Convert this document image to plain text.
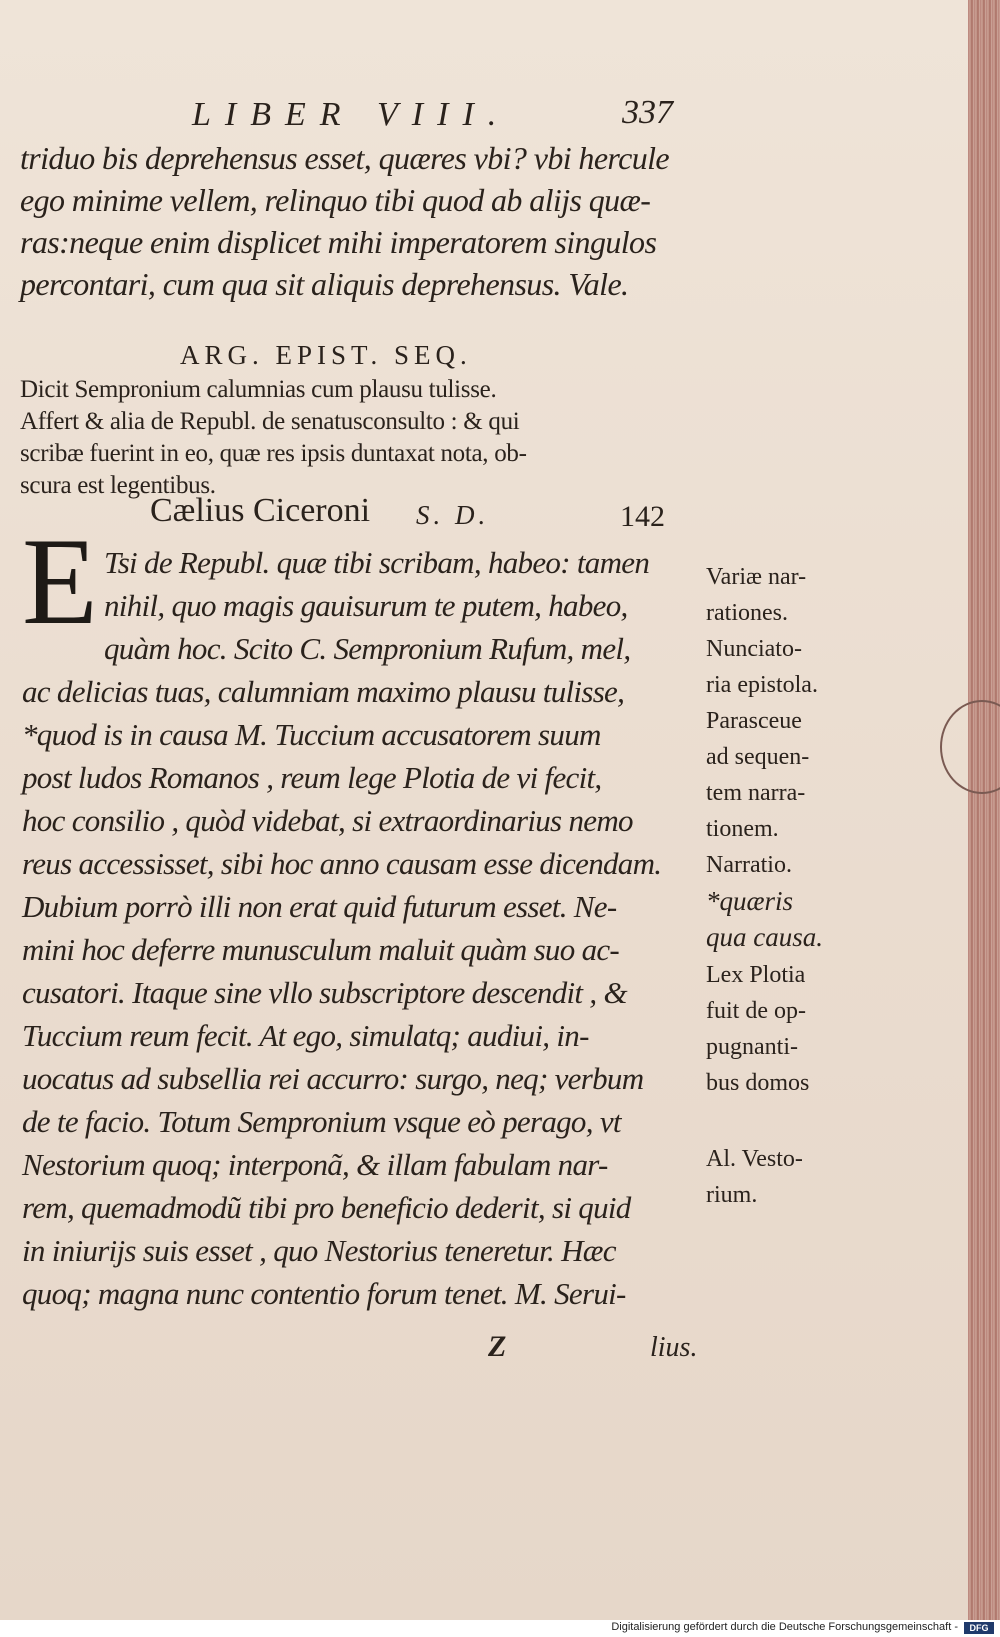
LIBER VIII.	337
triduo bis deprehensus esset, quæres vbi? vbi hercule
ego minime vellem, relinquo tibi quod ab alijs quæ-
ras:neque enim displicet mihi imperatorem singulos
percontari, cum qua sit aliquis deprehensus. Vale.
ARG. EPIST. SEQ.
Dicit Sempronium calumnias cum plausu tulisse.
Affert & alia de Republ. de senatusconsulto : & qui
scribæ fuerint in eo, quæ res ipsis duntaxat nota, ob-
scura est legentibus.
Cælius Ciceroni S. D.	142
E Tsi de Republ. quæ tibi scribam, habeo: tamen
nihil, quo magis gauisurum te putem, habeo,
quàm hoc. Scito C. Sempronium Rufum, mel,
ac delicias tuas, calumniam maximo plausu tulisse,
*quod is in causa M. Tuccium accusatorem suum
post ludos Romanos , reum lege Plotia de vi fecit,
hoc consilio , quòd videbat, si extraordinarius nemo
reus accessisset, sibi hoc anno causam esse dicendam.
Dubium porrò illi non erat quid futurum esset. Ne-
mini hoc deferre munusculum maluit quàm suo ac-
cusatori. Itaque sine vllo subscriptore descendit , &
Tuccium reum fecit. At ego, simulatq; audiui, in-
uocatus ad subsellia rei accurro: surgo, neq; verbum
de te facio. Totum Sempronium vsque eò perago, vt
Nestorium quoq; interponã, & illam fabulam nar-
rem, quemadmodũ tibi pro beneficio dederit, si quid
in iniurijs suis esset , quo Nestorius teneretur. Hæc
quoq; magna nunc contentio forum tenet. M. Serui-
Z	lius.
Variæ nar-
rationes.
Nunciato-
ria epistola.
Parasceue
ad sequen-
tem narra-
tionem.
Narratio.
*quæris
qua causa.
Lex Plotia
fuit de op-
pugnanti-
bus domos
Al. Vesto-
rium.
Digitalisierung gefördert durch die Deutsche Forschungsgemeinschaft -	DFG
